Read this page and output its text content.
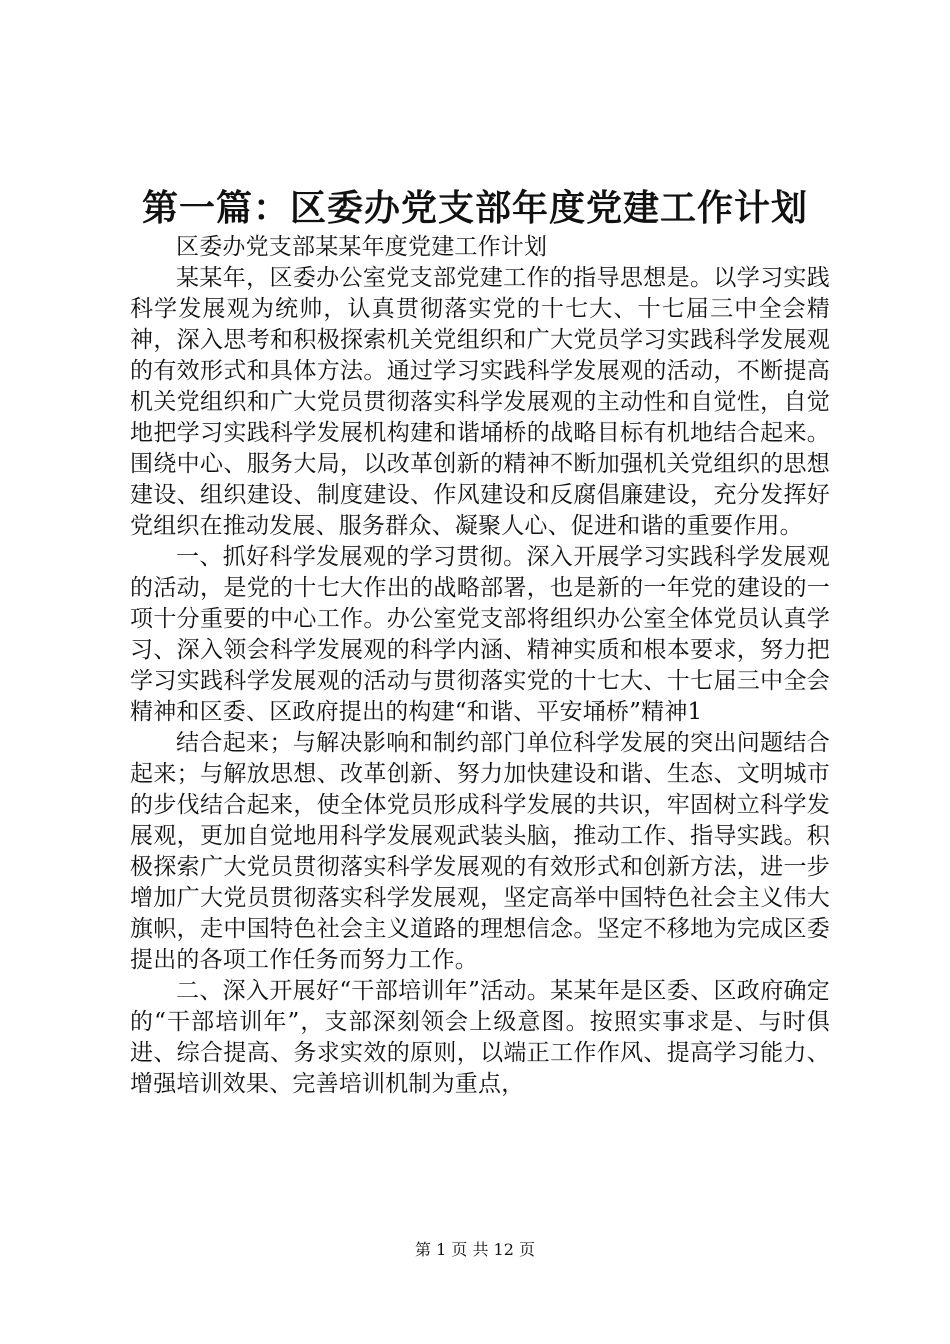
第一篇：区委办党支部年度党建工作计划

区委办党支部某某年度党建工作计划

某某年，区委办公室党支部党建工作的指导思想是。以学习实践科学发展观为统帅，认真贯彻落实党的十七大、十七届三中全会精神，深入思考和积极探索机关党组织和广大党员学习实践科学发展观的有效形式和具体方法。通过学习实践科学发展观的活动，不断提高机关党组织和广大党员贯彻落实科学发展观的主动性和自觉性，自觉地把学习实践科学发展机构建和谐埇桥的战略目标有机地结合起来。围绕中心、服务大局，以改革创新的精神不断加强机关党组织的思想建设、组织建设、制度建设、作风建设和反腐倡廉建设，充分发挥好党组织在推动发展、服务群众、凝聚人心、促进和谐的重要作用。

一、抓好科学发展观的学习贯彻。深入开展学习实践科学发展观的活动，是党的十七大作出的战略部署，也是新的一年党的建设的一项十分重要的中心工作。办公室党支部将组织办公室全体党员认真学习、深入领会科学发展观的科学内涵、精神实质和根本要求，努力把学习实践科学发展观的活动与贯彻落实党的十七大、十七届三中全会精神和区委、区政府提出的构建“和谐、平安埇桥”精神1

结合起来；与解决影响和制约部门单位科学发展的突出问题结合起来；与解放思想、改革创新、努力加快建设和谐、生态、文明城市的步伐结合起来，使全体党员形成科学发展的共识，牢固树立科学发展观，更加自觉地用科学发展观武装头脑，推动工作、指导实践。积极探索广大党员贯彻落实科学发展观的有效形式和创新方法，进一步增加广大党员贯彻落实科学发展观，坚定高举中国特色社会主义伟大旗帜，走中国特色社会主义道路的理想信念。坚定不移地为完成区委提出的各项工作任务而努力工作。

二、深入开展好“干部培训年”活动。某某年是区委、区政府确定的“干部培训年”，支部深刻领会上级意图。按照实事求是、与时俱进、综合提高、务求实效的原则，以端正工作作风、提高学习能力、增强培训效果、完善培训机制为重点，

第 1 页 共 12 页
